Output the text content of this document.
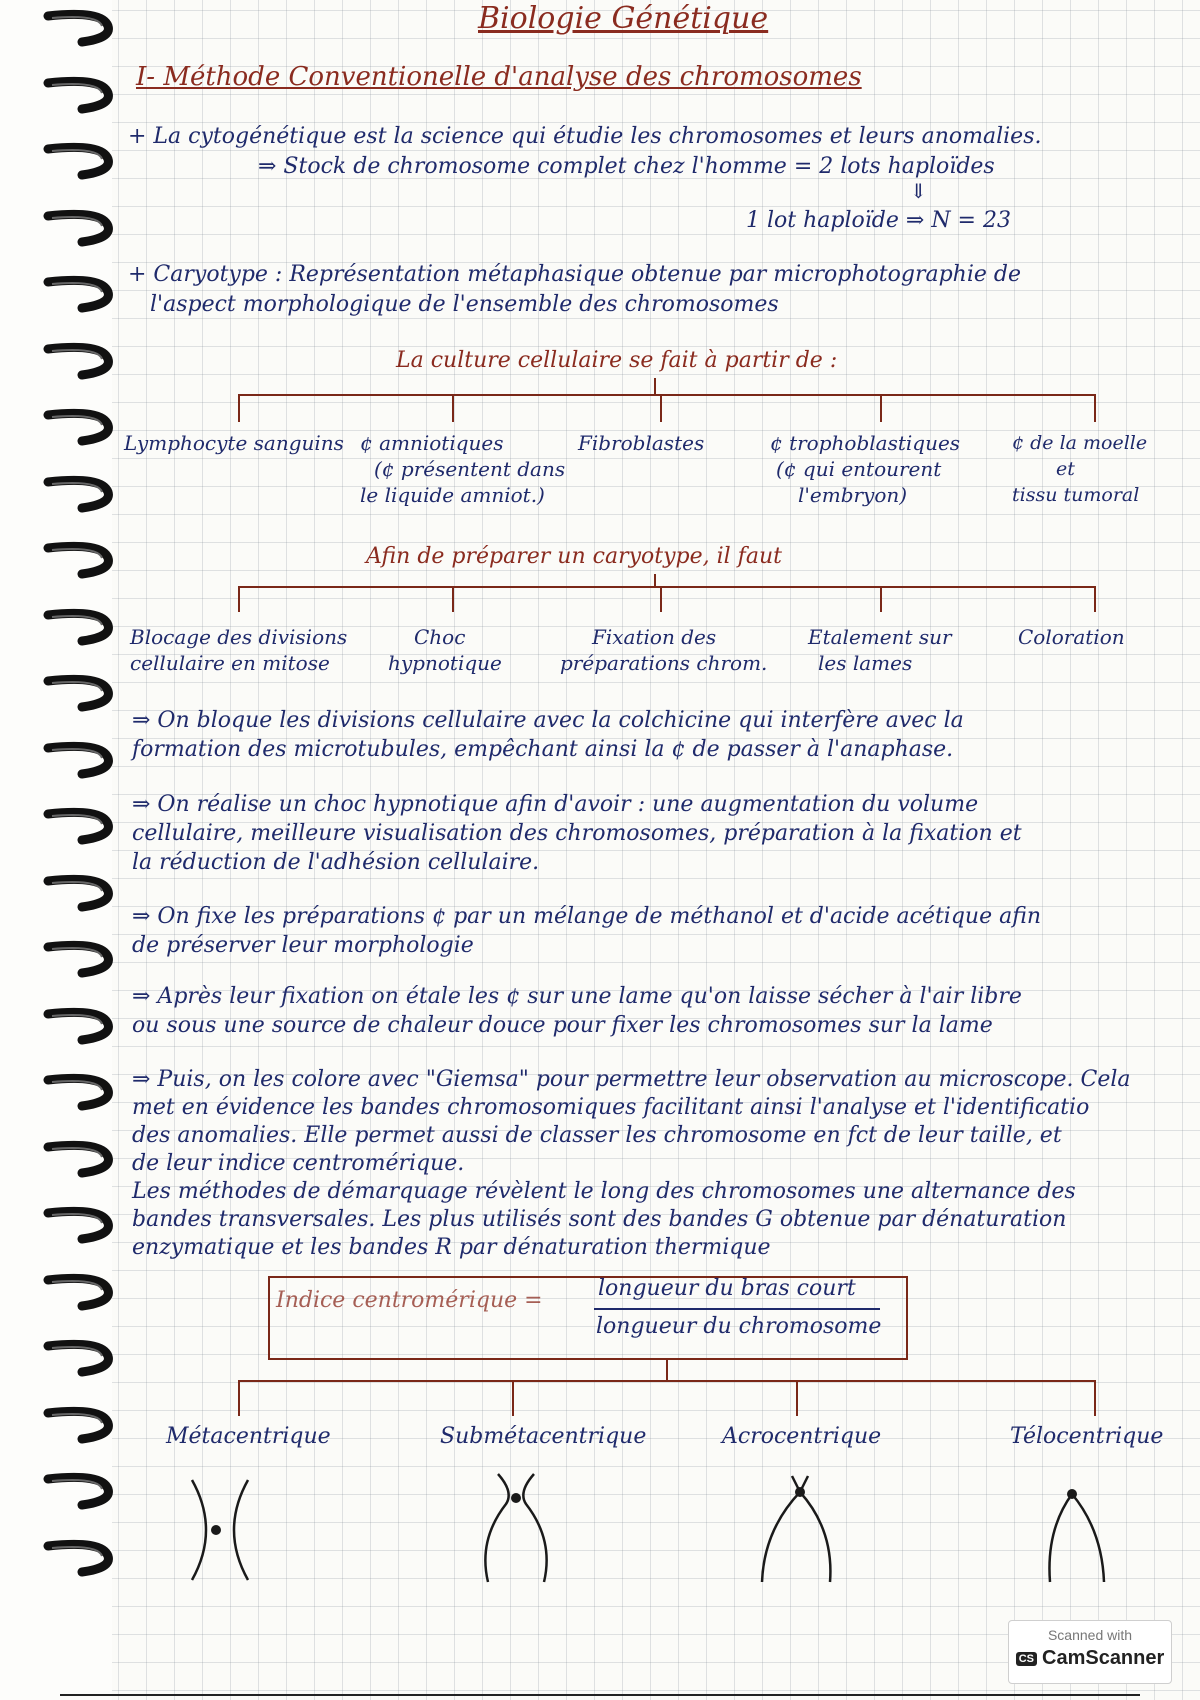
Biologie Génétique
I- Méthode Conventionelle d'analyse des chromosomes
+ La cytogénétique est la science qui étudie les chromosomes et leurs anomalies.
⇒ Stock de chromosome complet chez l'homme = 2 lots haploïdes
⇓
1 lot haploïde ⇒ N = 23
+ Caryotype : Représentation métaphasique obtenue par microphotographie de
l'aspect morphologique de l'ensemble des chromosomes
La culture cellulaire se fait à partir de :
Lymphocyte sanguins ¢ amniotiques
(¢ présentent dans
le liquide amniot.)
Fibroblastes	¢ trophoblastiques
(¢ qui entourent
l'embryon)
¢ de la moelle
et
tissu tumoral
Afin de préparer un caryotype, il faut
Blocage des divisions
cellulaire en mitose
Choc
hypnotique
Fixation des
préparations chrom.
Etalement sur
les lames
Coloration
⇒ On bloque les divisions cellulaire avec la colchicine qui interfère avec la
formation des microtubules, empêchant ainsi la ¢ de passer à l'anaphase.
⇒ On réalise un choc hypnotique afin d'avoir : une augmentation du volume
cellulaire, meilleure visualisation des chromosomes, préparation à la fixation et
la réduction de l'adhésion cellulaire.
⇒ On fixe les préparations ¢ par un mélange de méthanol et d'acide acétique afin
de préserver leur morphologie
⇒ Après leur fixation on étale les ¢ sur une lame qu'on laisse sécher à l'air libre
ou sous une source de chaleur douce pour fixer les chromosomes sur la lame
⇒ Puis, on les colore avec "Giemsa" pour permettre leur observation au microscope. Cela
met en évidence les bandes chromosomiques facilitant ainsi l'analyse et l'identificatio
des anomalies. Elle permet aussi de classer les chromosome en fct de leur taille, et
de leur indice centromérique.
Les méthodes de démarquage révèlent le long des chromosomes une alternance des
bandes transversales. Les plus utilisés sont des bandes G obtenue par dénaturation
enzymatique et les bandes R par dénaturation thermique
Indice centromérique =	longueur du bras court
longueur du chromosome
Métacentrique	Submétacentrique	Acrocentrique	Télocentrique
Scanned with
CS CamScanner
